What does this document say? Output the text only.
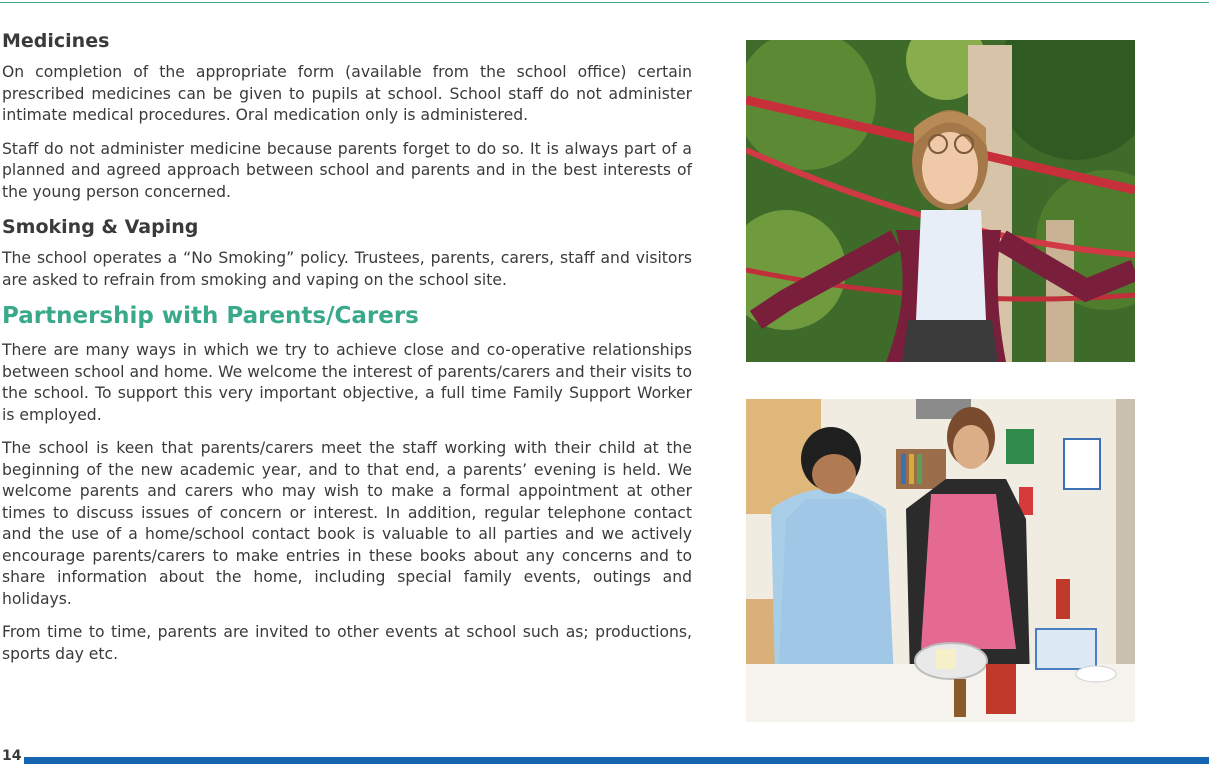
Medicines

On completion of the appropriate form (available from the school office) certain prescribed medicines can be given to pupils at school. School staff do not administer intimate medical procedures. Oral medication only is administered.

Staff do not administer medicine because parents forget to do so. It is always part of a planned and agreed approach between school and parents and in the best interests of the young person concerned.

Smoking & Vaping

The school operates a “No Smoking” policy. Trustees, parents, carers, staff and visitors are asked to refrain from smoking and vaping on the school site.

Partnership with Parents/Carers

There are many ways in which we try to achieve close and co-operative relationships between school and home. We welcome the interest of parents/carers and their visits to the school. To support this very important objective, a full time Family Support Worker is employed.

The school is keen that parents/carers meet the staff working with their child at the beginning of the new academic year, and to that end, a parents’ evening is held. We welcome parents and carers who may wish to make a formal appointment at other times to discuss issues of concern or interest. In addition, regular telephone contact and the use of a home/school contact book is valuable to all parties and we actively encourage parents/carers to make entries in these books about any concerns and to share information about the home, including special family events, outings and holidays.

From time to time, parents are invited to other events at school such as; productions, sports day etc.

14
